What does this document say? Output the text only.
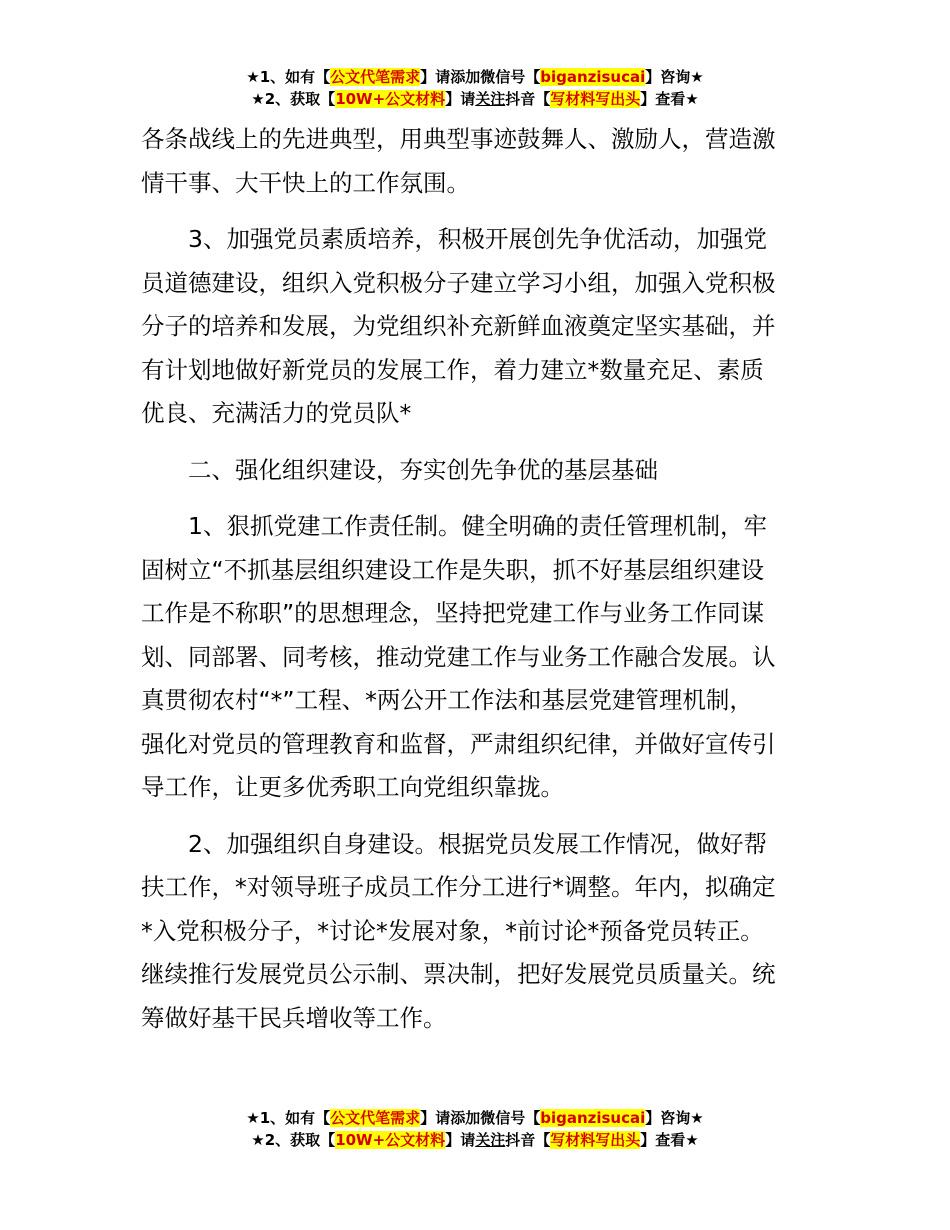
★1、如有【公文代笔需求】请添加微信号【biganzisucai】咨询★
★2、获取【10W+公文材料】请关注抖音【写材料写出头】查看★

各条战线上的先进典型，用典型事迹鼓舞人、激励人，营造激
情干事、大干快上的工作氛围。

3、加强党员素质培养，积极开展创先争优活动，加强党
员道德建设，组织入党积极分子建立学习小组，加强入党积极
分子的培养和发展，为党组织补充新鲜血液奠定坚实基础，并
有计划地做好新党员的发展工作，着力建立*数量充足、素质
优良、充满活力的党员队*

二、强化组织建设，夯实创先争优的基层基础

1、狠抓党建工作责任制。健全明确的责任管理机制，牢
固树立“不抓基层组织建设工作是失职，抓不好基层组织建设
工作是不称职”的思想理念，坚持把党建工作与业务工作同谋
划、同部署、同考核，推动党建工作与业务工作融合发展。认
真贯彻农村“*”工程、*两公开工作法和基层党建管理机制，
强化对党员的管理教育和监督，严肃组织纪律，并做好宣传引
导工作，让更多优秀职工向党组织靠拢。

2、加强组织自身建设。根据党员发展工作情况，做好帮
扶工作，*对领导班子成员工作分工进行*调整。年内，拟确定
*入党积极分子，*讨论*发展对象，*前讨论*预备党员转正。
继续推行发展党员公示制、票决制，把好发展党员质量关。统
筹做好基干民兵增收等工作。

★1、如有【公文代笔需求】请添加微信号【biganzisucai】咨询★
★2、获取【10W+公文材料】请关注抖音【写材料写出头】查看★
